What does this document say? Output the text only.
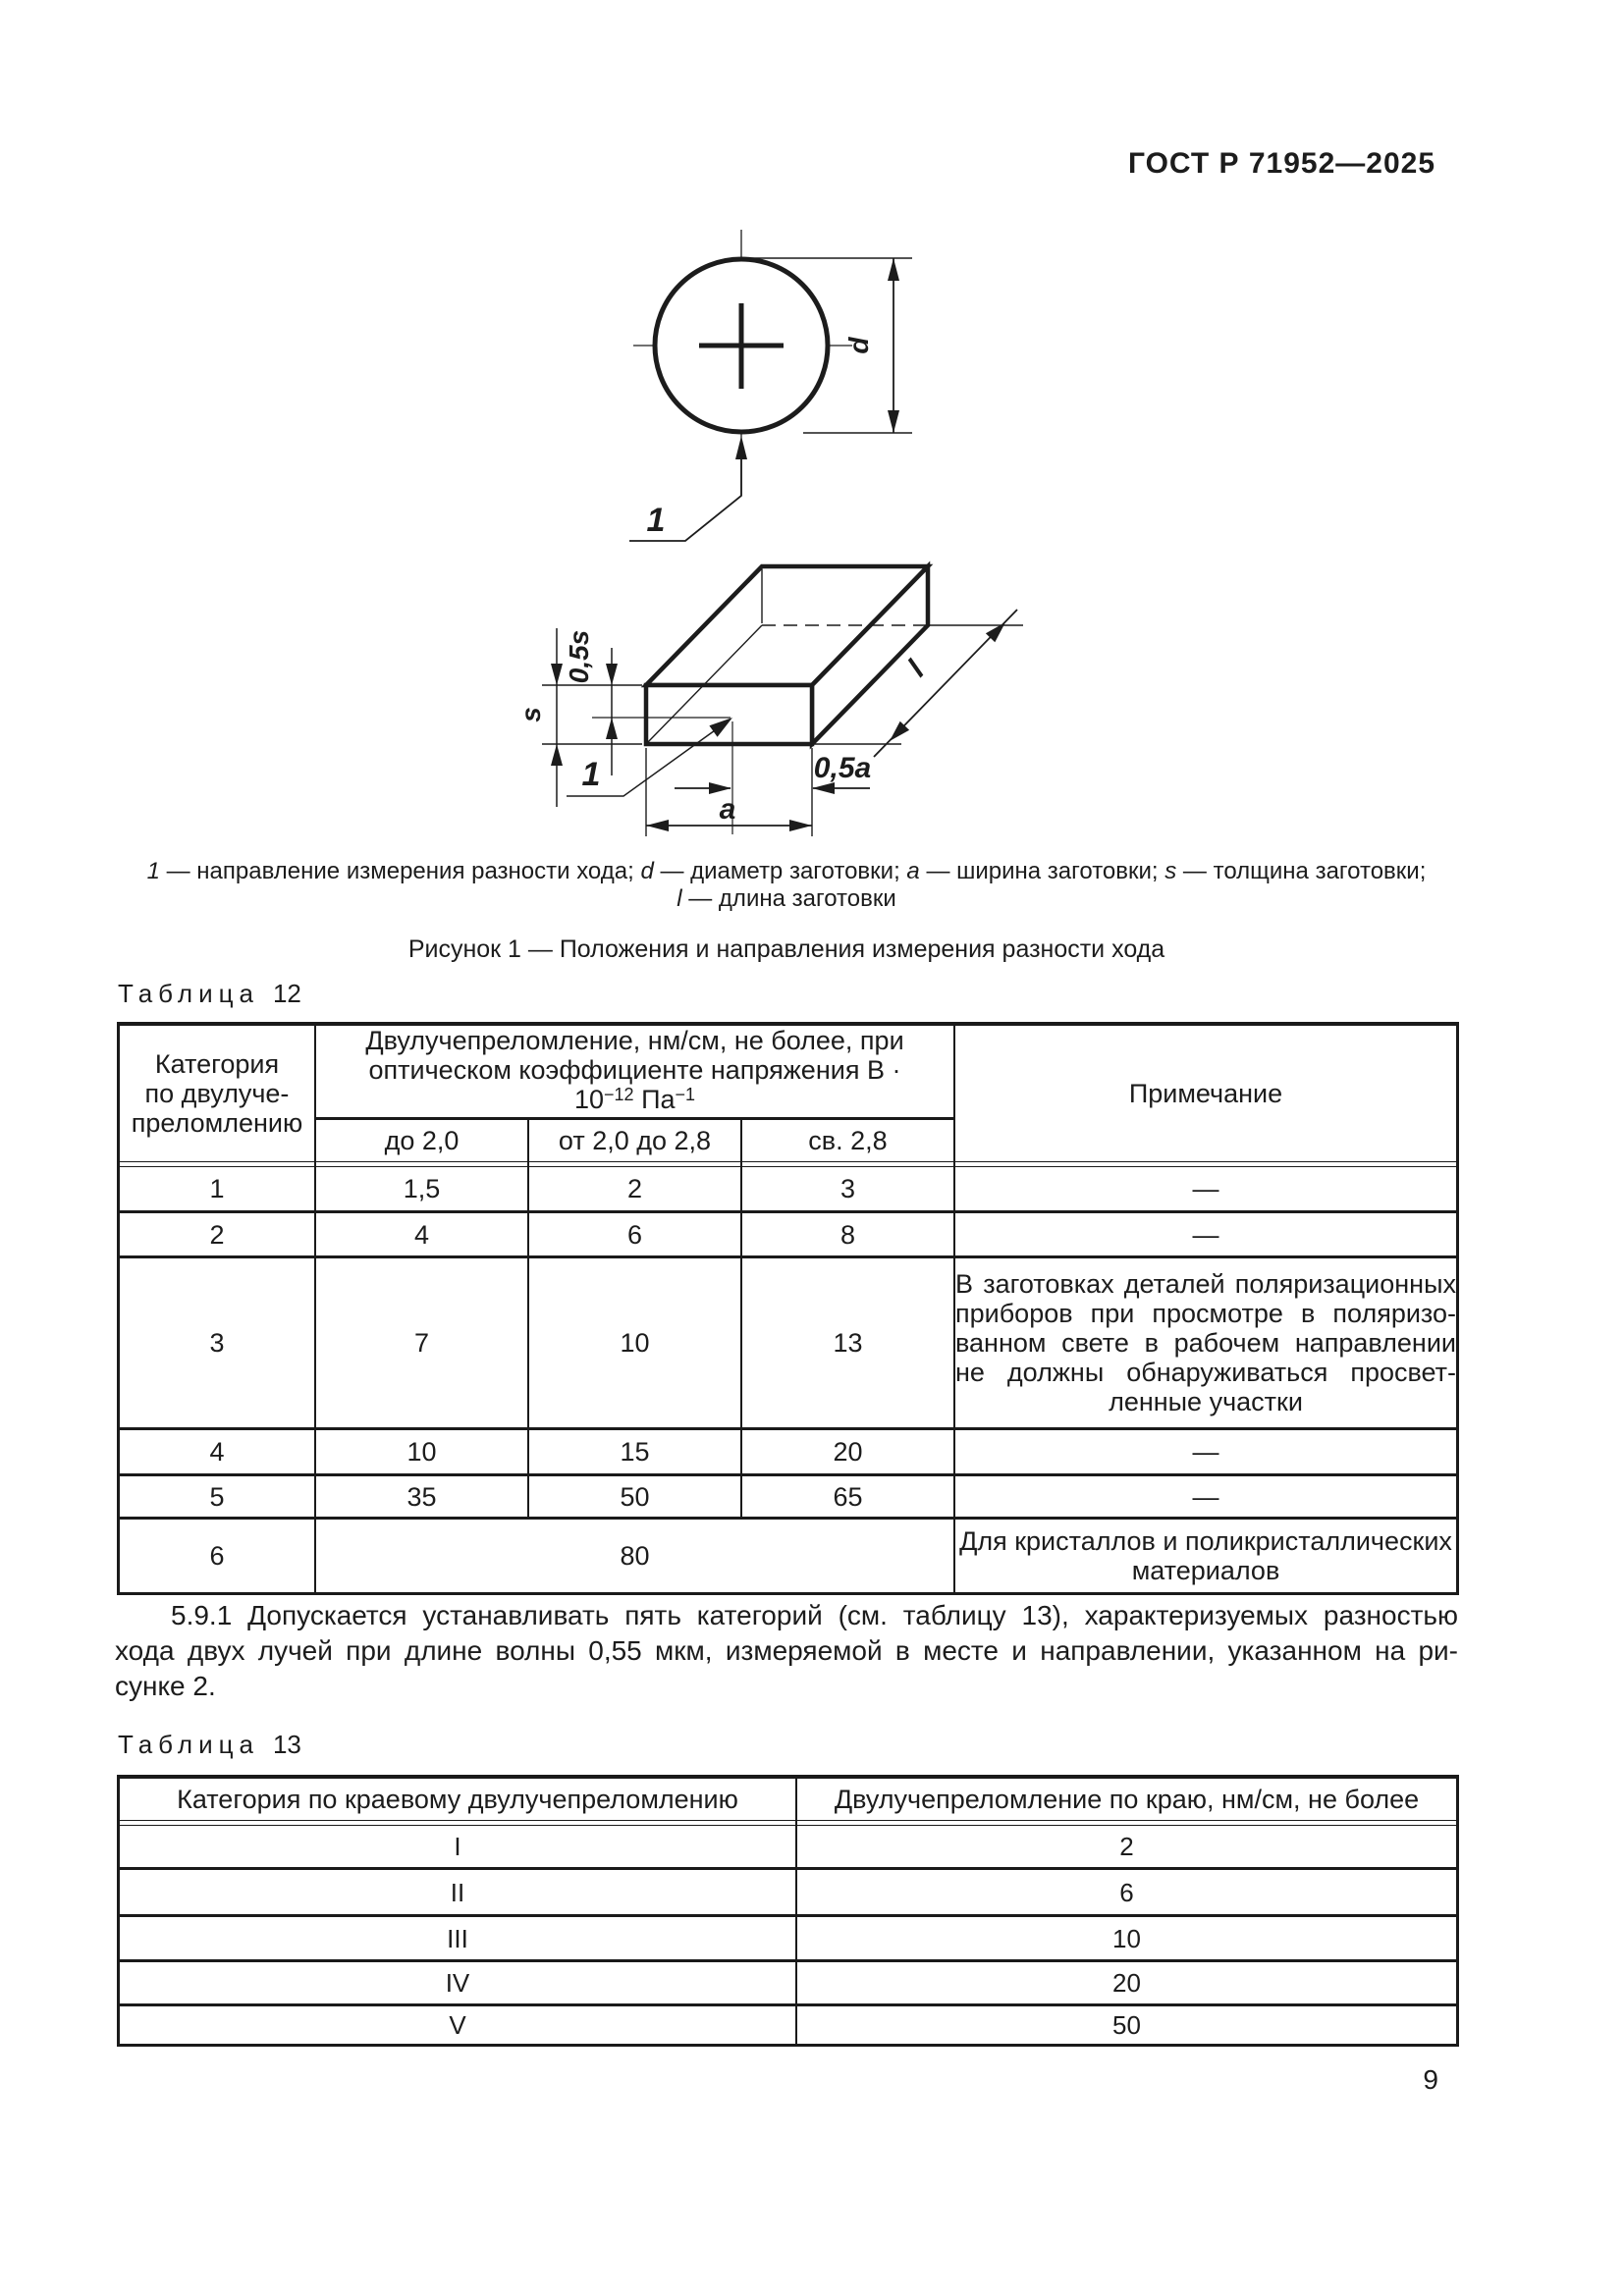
ГОСТ Р 71952—2025
d
1
s
0,5s
1
a
0,5a
l
1 — направление измерения разности хода; d — диаметр заготовки; a — ширина заготовки; s — толщина заготовки;
l — длина заготовки
Рисунок 1 — Положения и направления измерения разности хода
Таблица 12
Категория
по двулуче-
преломлению	Двулучепреломление, нм/см, не более, при оптическом коэффициенте напряжения $В \cdot 10^{-12}$ $Па^{-1}$			Примечание
	до 2,0	от 2,0 до 2,8	св. 2,8	

1	1,5	2	3	—
2	4	6	8	—
3	7	10	13	В заготовках деталей поляризационных
приборов при просмотре в поляризо-
ванном свете в рабочем направлении
не должны обнаруживаться просвет-
ленные участки

4	10	15	20	—
5	35	50	65	—
6	80			Для кристаллов и поликристаллических
материалов
5.9.1 Допускается устанавливать пять категорий (см. таблицу 13), характеризуемых разностью
хода двух лучей при длине волны 0,55 мкм, измеряемой в месте и направлении, указанном на ри-
сунке 2.
Таблица 13
Категория по краевому двулучепреломлению	Двулучепреломление по краю, нм/см, не более

I	2
II	6
III	10
IV	20
V	50
9
